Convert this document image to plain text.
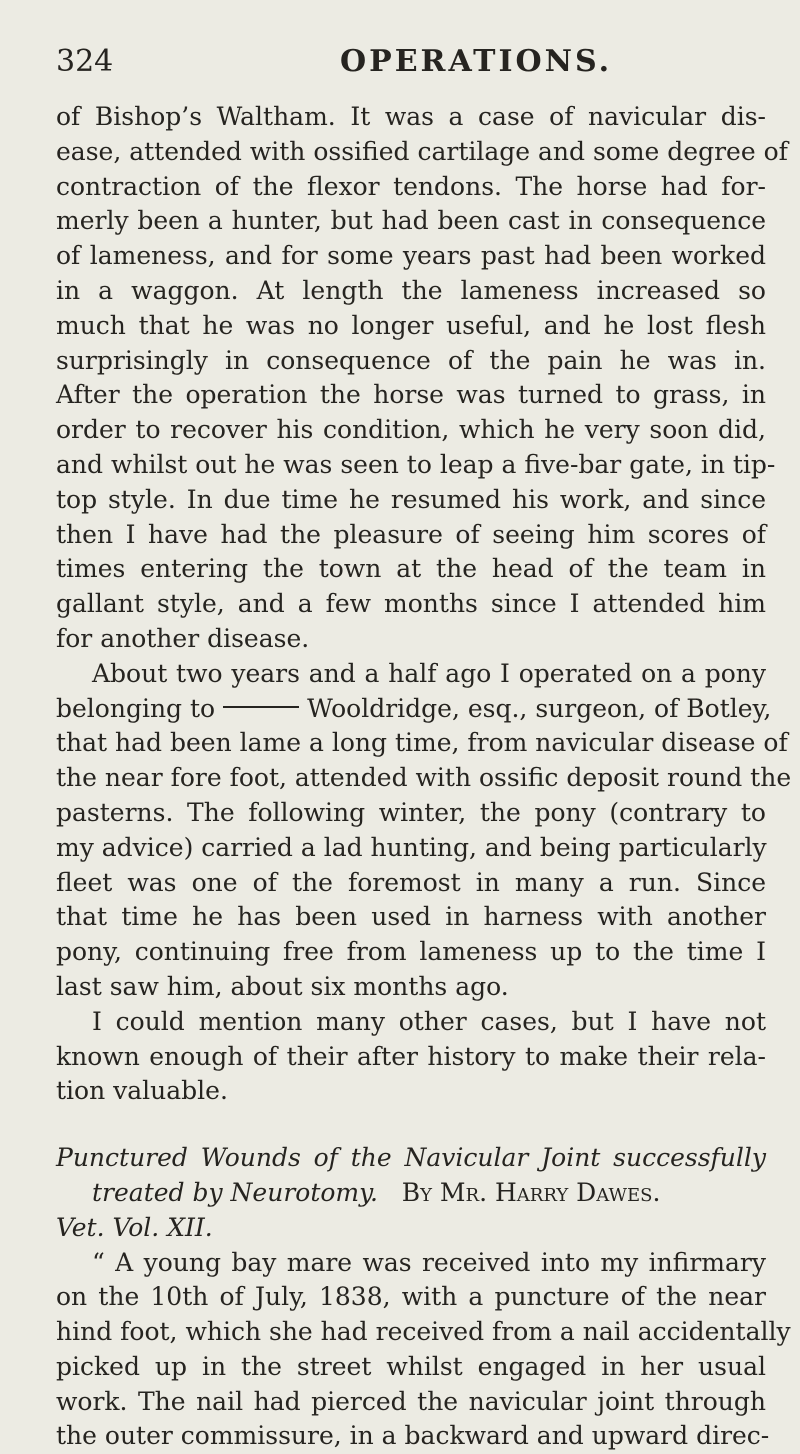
324	OPERATIONS.
of Bishop’s Waltham. It was a case of navicular dis-
ease, attended with ossified cartilage and some degree of
contraction of the flexor tendons. The horse had for-
merly been a hunter, but had been cast in consequence
of lameness, and for some years past had been worked
in a waggon. At length the lameness increased so
much that he was no longer useful, and he lost flesh
surprisingly in consequence of the pain he was in.
After the operation the horse was turned to grass, in
order to recover his condition, which he very soon did,
and whilst out he was seen to leap a five-bar gate, in tip-
top style. In due time he resumed his work, and since
then I have had the pleasure of seeing him scores of
times entering the town at the head of the team in
gallant style, and a few months since I attended him
for another disease.
About two years and a half ago I operated on a pony
belonging to	Wooldridge, esq., surgeon, of Botley,
that had been lame a long time, from navicular disease of
the near fore foot, attended with ossific deposit round the
pasterns. The following winter, the pony (contrary to
my advice) carried a lad hunting, and being particularly
fleet was one of the foremost in many a run. Since
that time he has been used in harness with another
pony, continuing free from lameness up to the time I
last saw him, about six months ago.
I could mention many other cases, but I have not
known enough of their after history to make their rela-
tion valuable.
Punctured Wounds of the Navicular Joint successfully
treated by Neurotomy. By Mr. Harry Dawes.
Vet. Vol. XII.
“ A young bay mare was received into my infirmary
on the 10th of July, 1838, with a puncture of the near
hind foot, which she had received from a nail accidentally
picked up in the street whilst engaged in her usual
work. The nail had pierced the navicular joint through
the outer commissure, in a backward and upward direc-
